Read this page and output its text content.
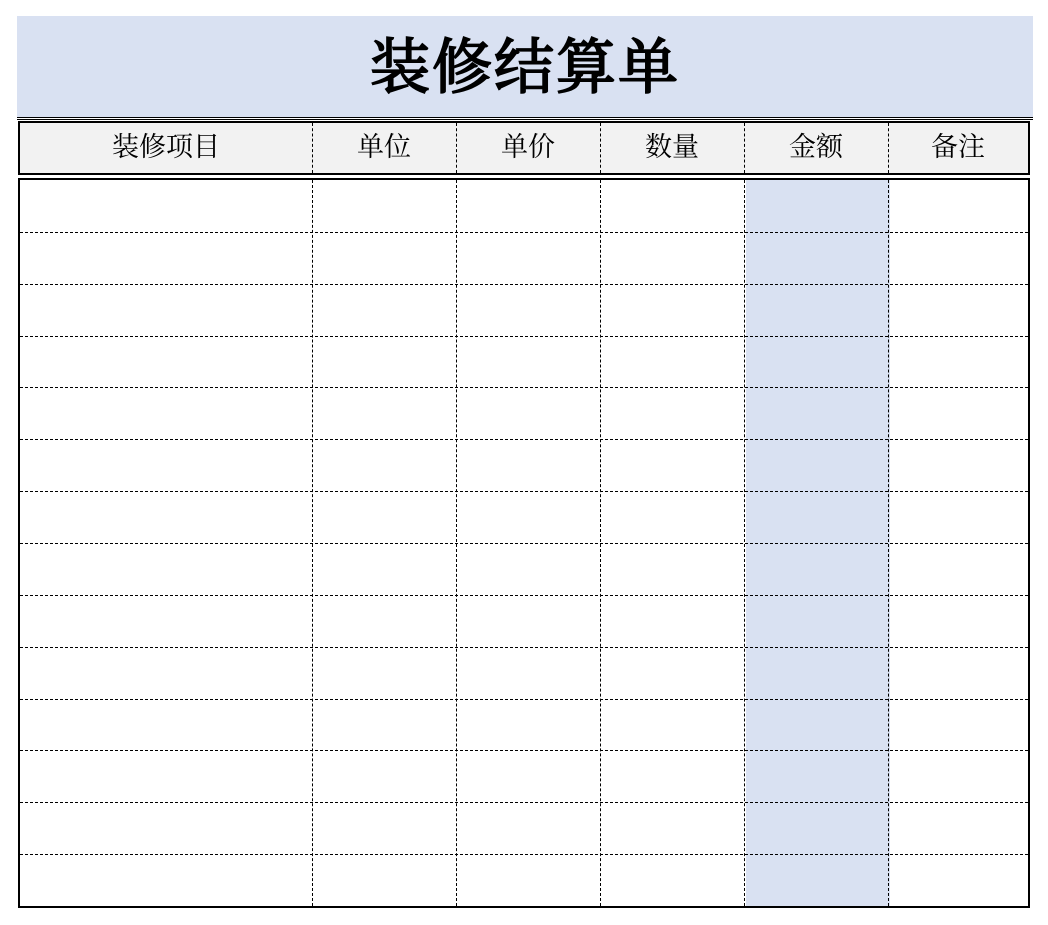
装修结算单
装修项目	单位	单价	数量	金额	备注
